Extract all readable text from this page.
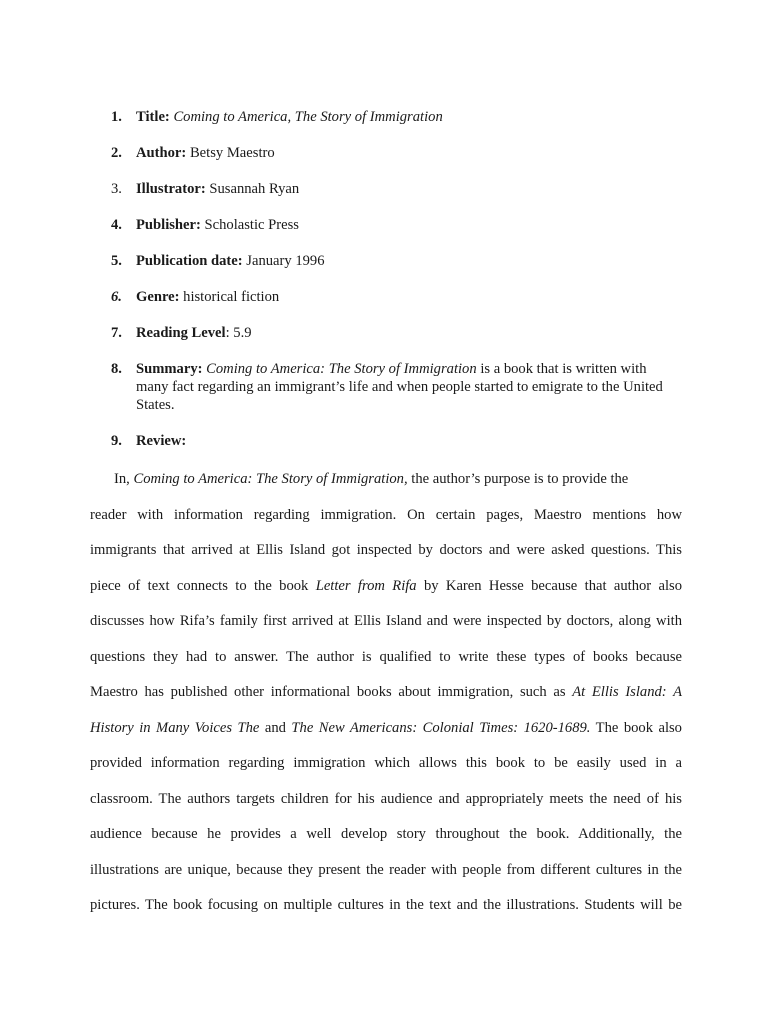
1. Title: Coming to America, The Story of Immigration
2. Author: Betsy Maestro
3. Illustrator: Susannah Ryan
4. Publisher: Scholastic Press
5. Publication date: January 1996
6. Genre: historical fiction
7. Reading Level: 5.9
8. Summary: Coming to America: The Story of Immigration is a book that is written with many fact regarding an immigrant’s life and when people started to emigrate to the United States.
9. Review:
In, Coming to America: The Story of Immigration, the author’s purpose is to provide the
reader with information regarding immigration. On certain pages, Maestro mentions how
immigrants that arrived at Ellis Island got inspected by doctors and were asked questions. This
piece of text connects to the book Letter from Rifa by Karen Hesse because that author also
discusses how Rifa’s family first arrived at Ellis Island and were inspected by doctors, along with
questions they had to answer. The author is qualified to write these types of books because
Maestro has published other informational books about immigration, such as At Ellis Island: A
History in Many Voices The and The New Americans: Colonial Times: 1620-1689. The book also
provided information regarding immigration which allows this book to be easily used in a
classroom. The authors targets children for his audience and appropriately meets the need of his
audience because he provides a well develop story throughout the book. Additionally, the
illustrations are unique, because they present the reader with people from different cultures in the
pictures. The book focusing on multiple cultures in the text and the illustrations. Students will be
